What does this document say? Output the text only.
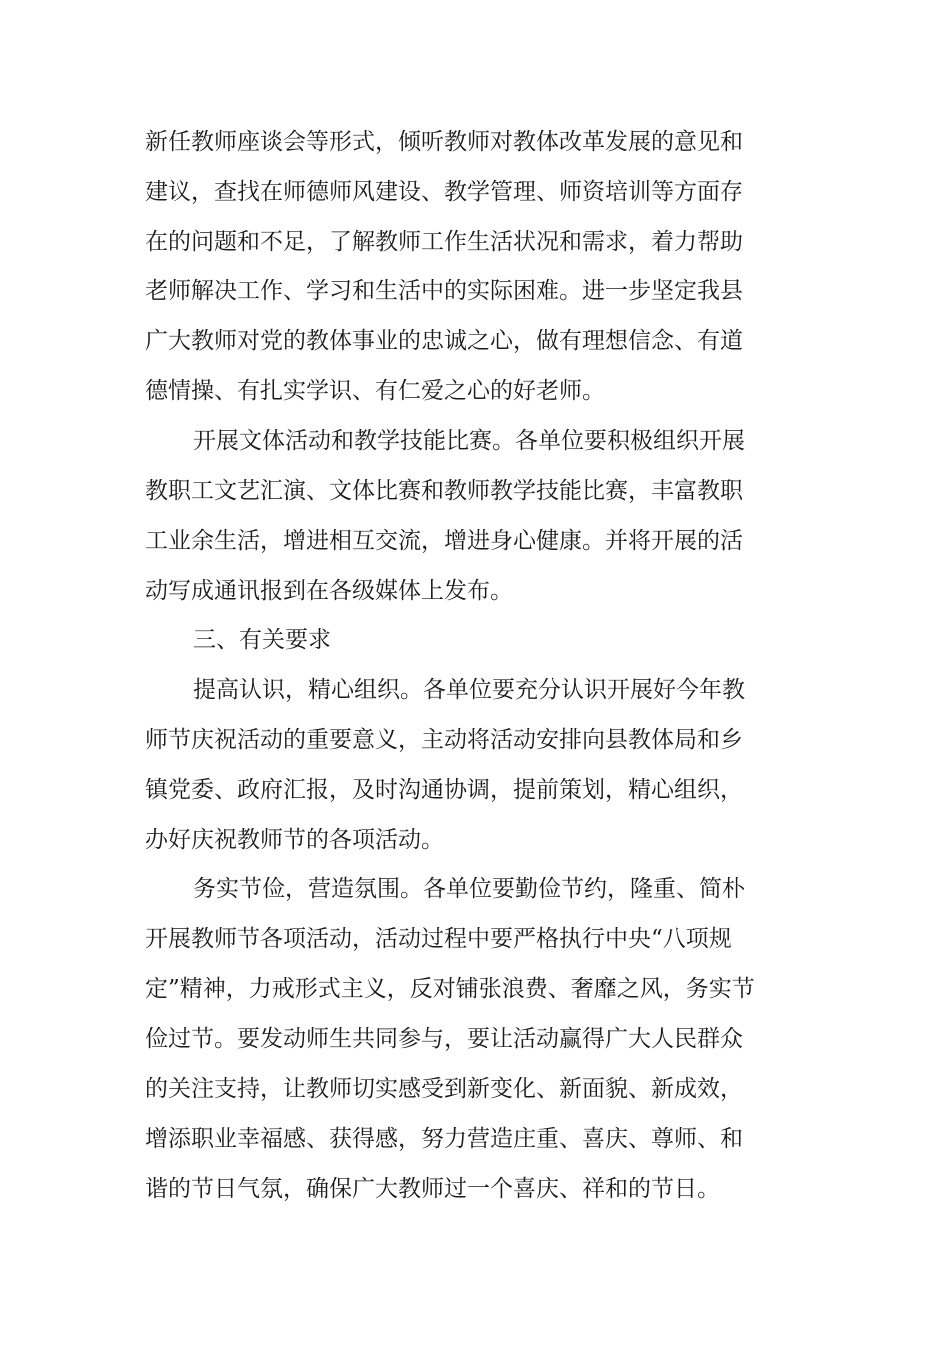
新任教师座谈会等形式，倾听教师对教体改革发展的意见和

建议，查找在师德师风建设、教学管理、师资培训等方面存

在的问题和不足，了解教师工作生活状况和需求，着力帮助

老师解决工作、学习和生活中的实际困难。进一步坚定我县

广大教师对党的教体事业的忠诚之心，做有理想信念、有道

德情操、有扎实学识、有仁爱之心的好老师。

开展文体活动和教学技能比赛。各单位要积极组织开展

教职工文艺汇演、文体比赛和教师教学技能比赛，丰富教职

工业余生活，增进相互交流，增进身心健康。并将开展的活

动写成通讯报到在各级媒体上发布。

三、有关要求

提高认识，精心组织。各单位要充分认识开展好今年教

师节庆祝活动的重要意义，主动将活动安排向县教体局和乡

镇党委、政府汇报，及时沟通协调，提前策划，精心组织，

办好庆祝教师节的各项活动。

务实节俭，营造氛围。各单位要勤俭节约，隆重、简朴

开展教师节各项活动，活动过程中要严格执行中央“八项规

定”精神，力戒形式主义，反对铺张浪费、奢靡之风，务实节

俭过节。要发动师生共同参与，要让活动赢得广大人民群众

的关注支持，让教师切实感受到新变化、新面貌、新成效，

增添职业幸福感、获得感，努力营造庄重、喜庆、尊师、和

谐的节日气氛，确保广大教师过一个喜庆、祥和的节日。
